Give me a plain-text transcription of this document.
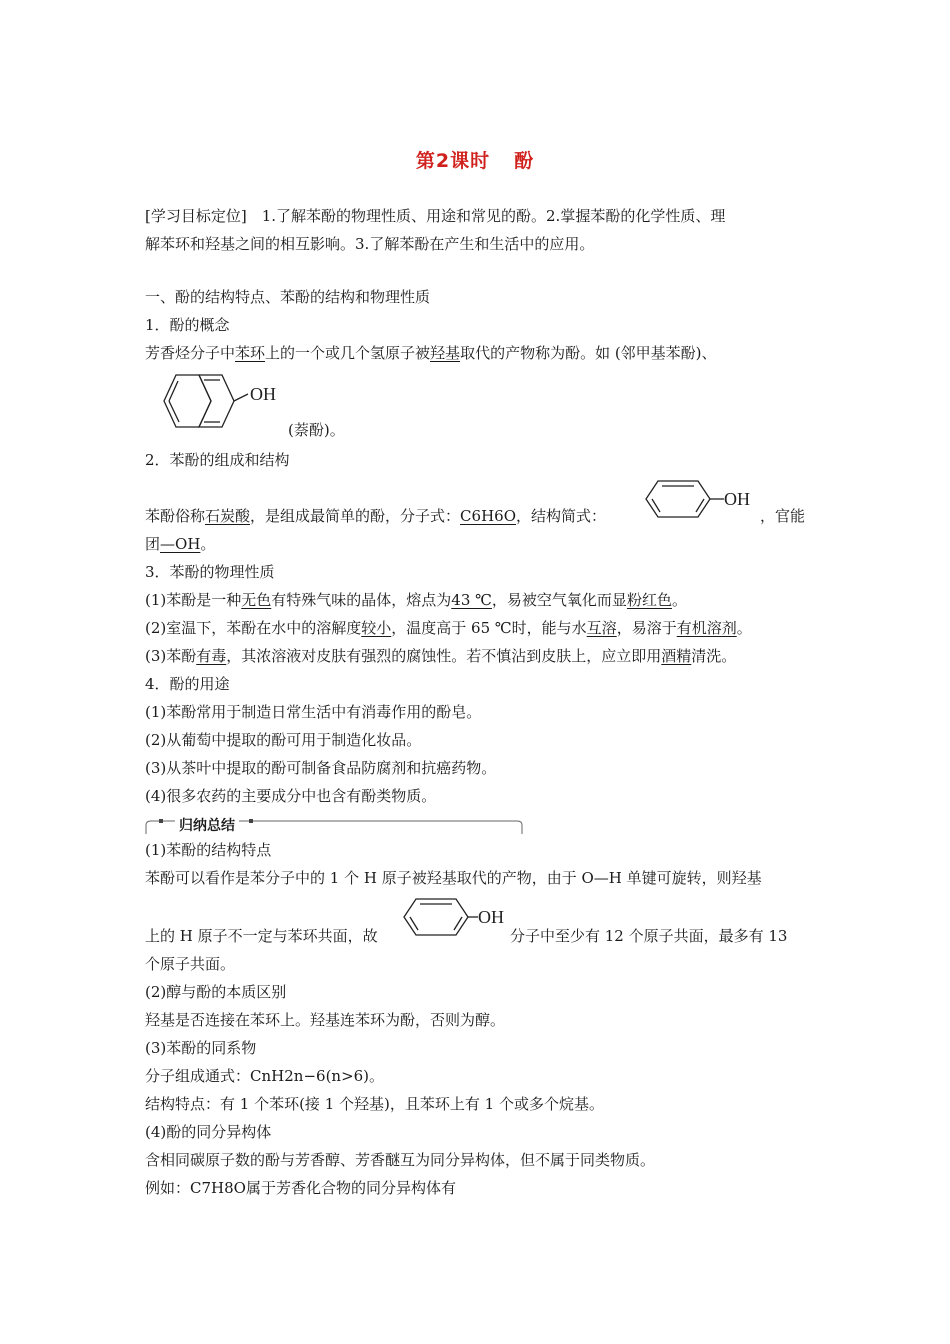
第2课时 酚
[学习目标定位]　1.了解苯酚的物理性质、用途和常见的酚。2.掌握苯酚的化学性质、理
解苯环和羟基之间的相互影响。3.了解苯酚在产生和生活中的应用。
一、酚的结构特点、苯酚的结构和物理性质
1．酚的概念
芳香烃分子中苯环上的一个或几个氢原子被羟基取代的产物称为酚。如 (邻甲基苯酚)、
OH
(萘酚)。
2．苯酚的组成和结构
苯酚俗称石炭酸，是组成最简单的酚，分子式：C6H6O，结构简式：
OH
，官能
团—OH。
3．苯酚的物理性质
(1)苯酚是一种无色有特殊气味的晶体，熔点为43 ℃，易被空气氧化而显粉红色。
(2)室温下，苯酚在水中的溶解度较小，温度高于 65 ℃时，能与水互溶，易溶于有机溶剂。
(3)苯酚有毒，其浓溶液对皮肤有强烈的腐蚀性。若不慎沾到皮肤上，应立即用酒精清洗。
4．酚的用途
(1)苯酚常用于制造日常生活中有消毒作用的酚皂。
(2)从葡萄中提取的酚可用于制造化妆品。
(3)从茶叶中提取的酚可制备食品防腐剂和抗癌药物。
(4)很多农药的主要成分中也含有酚类物质。
归纳总结
(1)苯酚的结构特点
苯酚可以看作是苯分子中的 1 个 H 原子被羟基取代的产物，由于 O—H 单键可旋转，则羟基
上的 H 原子不一定与苯环共面，故
OH
分子中至少有 12 个原子共面，最多有 13
个原子共面。
(2)醇与酚的本质区别
羟基是否连接在苯环上。羟基连苯环为酚，否则为醇。
(3)苯酚的同系物
分子组成通式：CnH2n−6(n>6)。
结构特点：有 1 个苯环(接 1 个羟基)，且苯环上有 1 个或多个烷基。
(4)酚的同分异构体
含相同碳原子数的酚与芳香醇、芳香醚互为同分异构体，但不属于同类物质。
例如：C7H8O属于芳香化合物的同分异构体有
